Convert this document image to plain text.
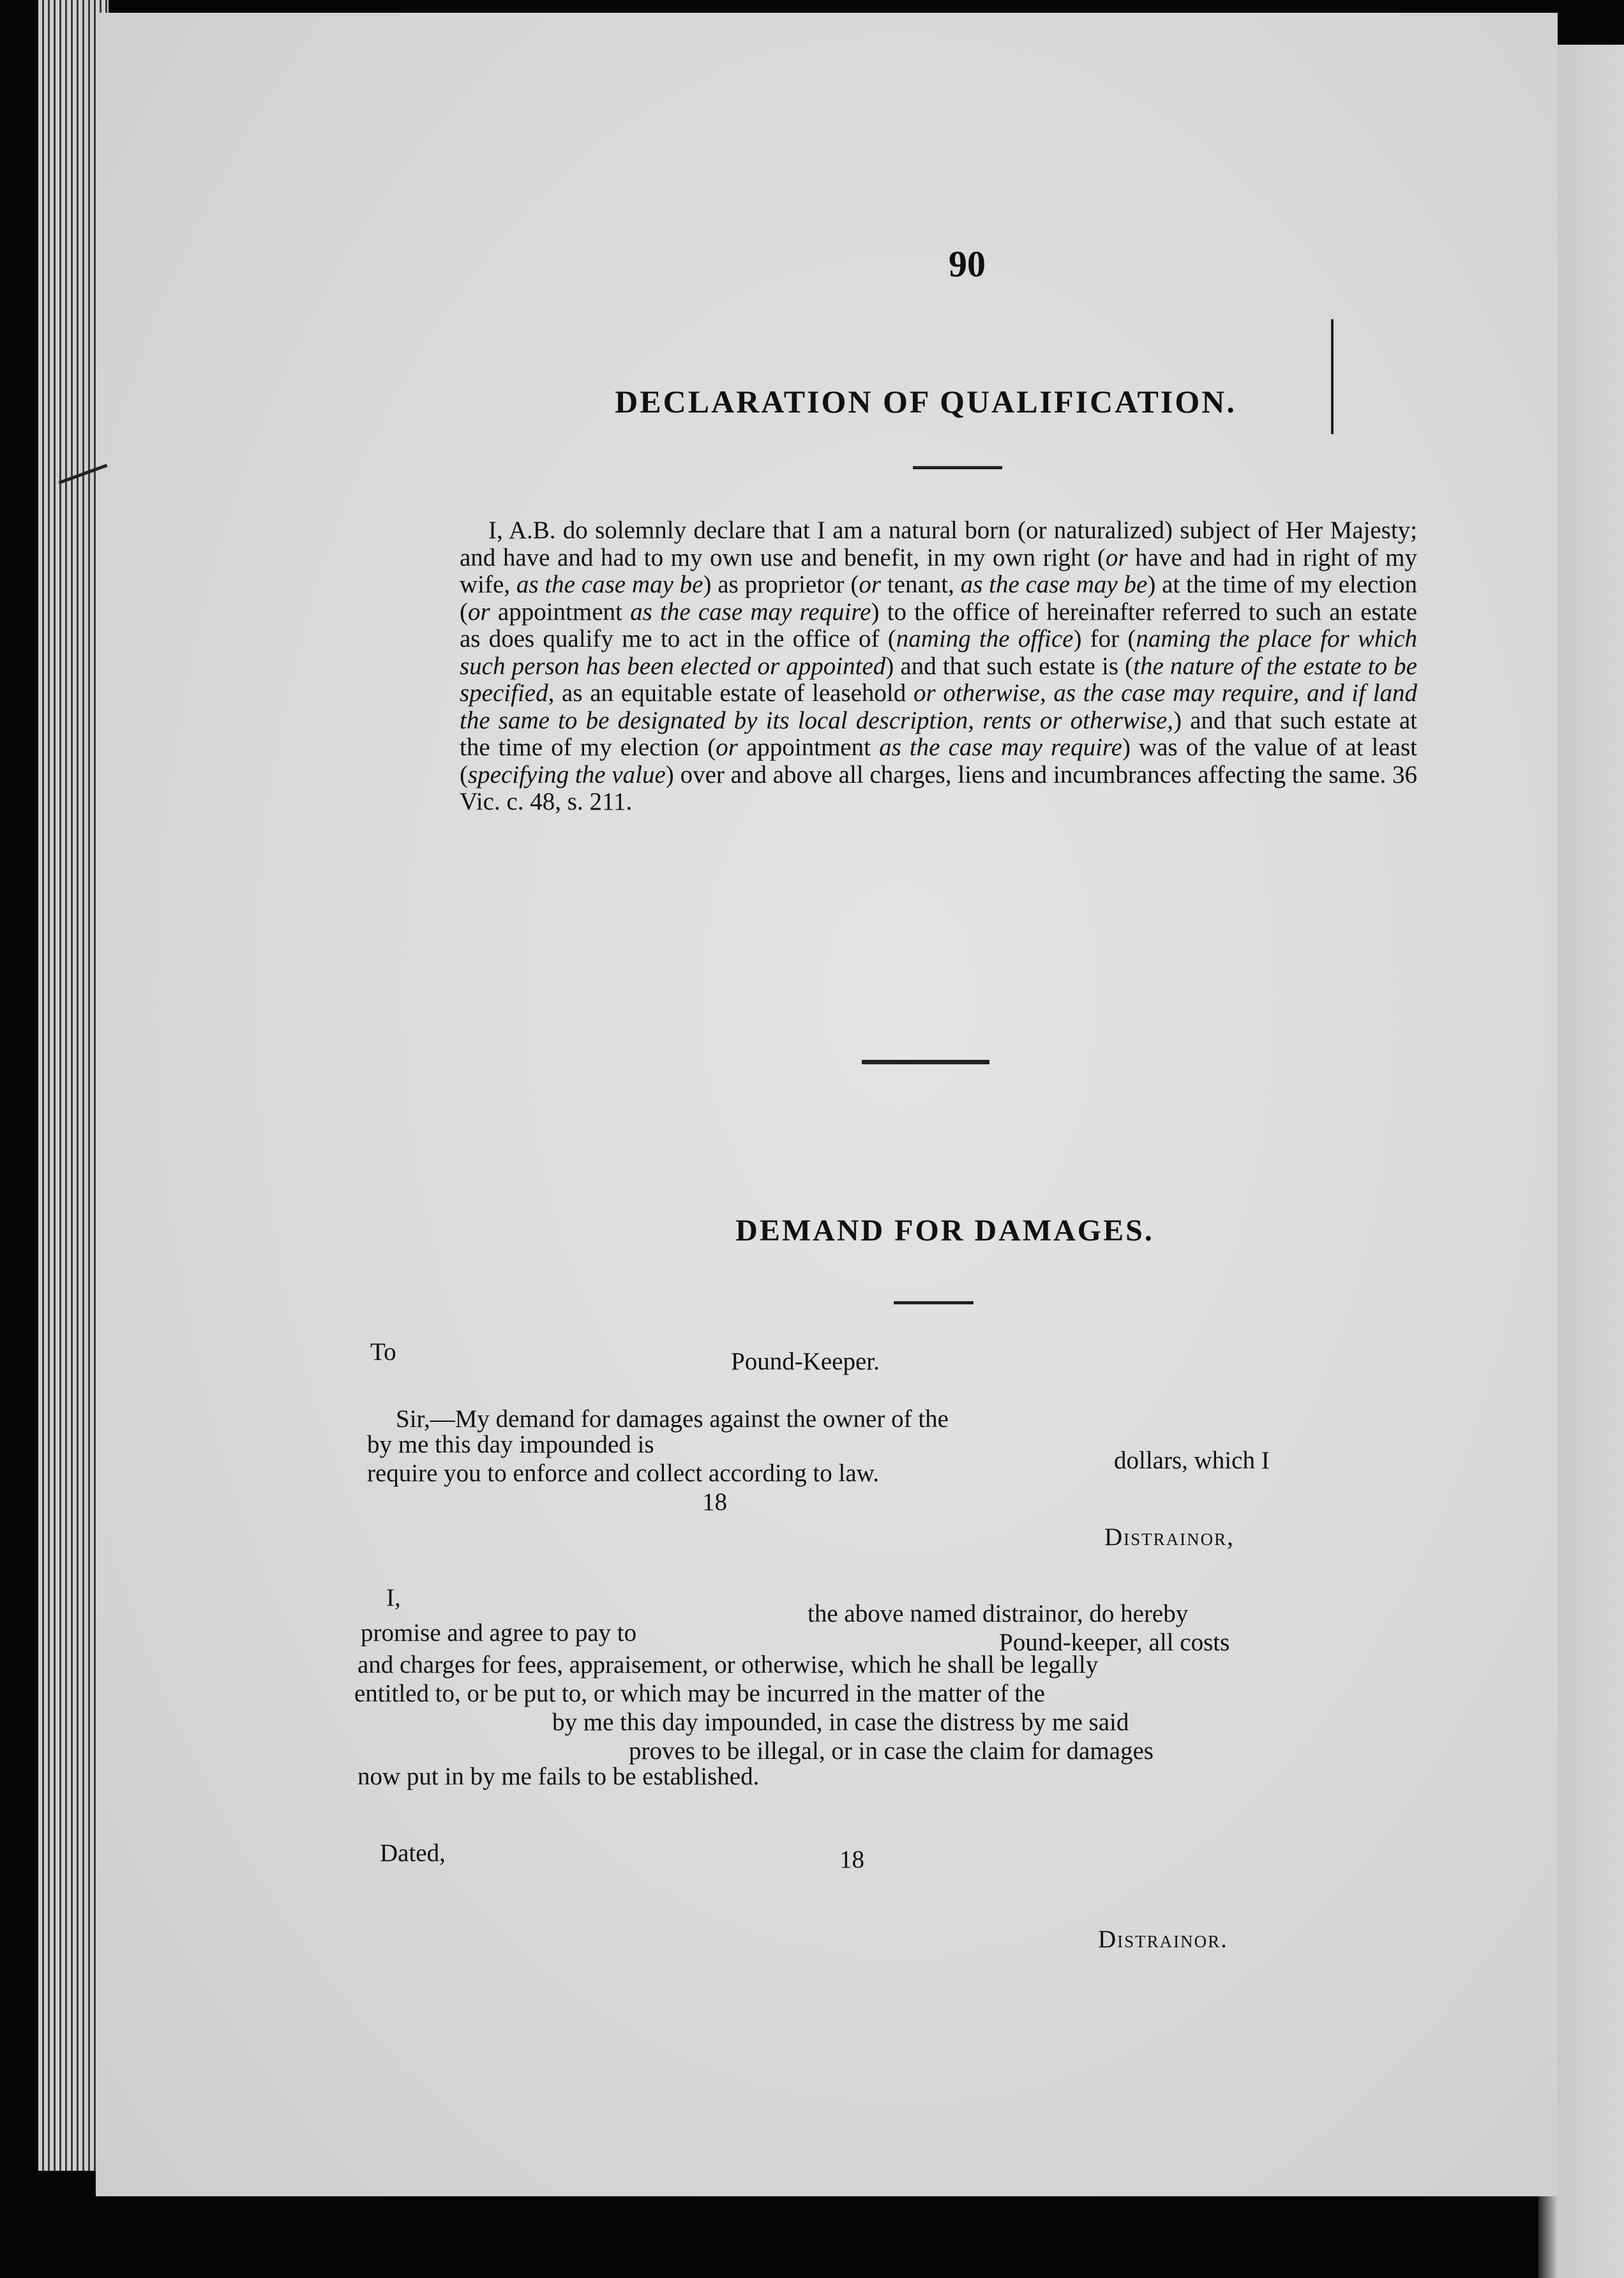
90
DECLARATION OF QUALIFICATION.
I, A.B. do solemnly declare that I am a natural born (or naturalized) subject of Her Majesty; and have and had to my own use and benefit, in my own right (or have and had in right of my wife, as the case may be) as proprietor (or tenant, as the case may be) at the time of my election (or appointment as the case may require) to the office of hereinafter referred to such an estate as does qualify me to act in the office of (naming the office) for (naming the place for which such person has been elected or appointed) and that such estate is (the nature of the estate to be specified, as an equitable estate of leasehold or otherwise, as the case may require, and if land the same to be designated by its local description, rents or otherwise,) and that such estate at the time of my election (or appointment as the case may require) was of the value of at least (specifying the value) over and above all charges, liens and incumbrances affecting the same. 36 Vic. c. 48, s. 211.
DEMAND FOR DAMAGES.
To	Pound-Keeper.
Sir,—My demand for damages against the owner of the
by me this day impounded is
dollars, which I
require you to enforce and collect according to law.
18
Distrainor,
I,
the above named distrainor, do hereby
promise and agree to pay to	Pound-keeper, all costs
and charges for fees, appraisement, or otherwise, which he shall be legally
entitled to, or be put to, or which may be incurred in the matter of the
by me this day impounded, in case the distress by me said
proves to be illegal, or in case the claim for damages
now put in by me fails to be established.
Dated,	18
Distrainor.
